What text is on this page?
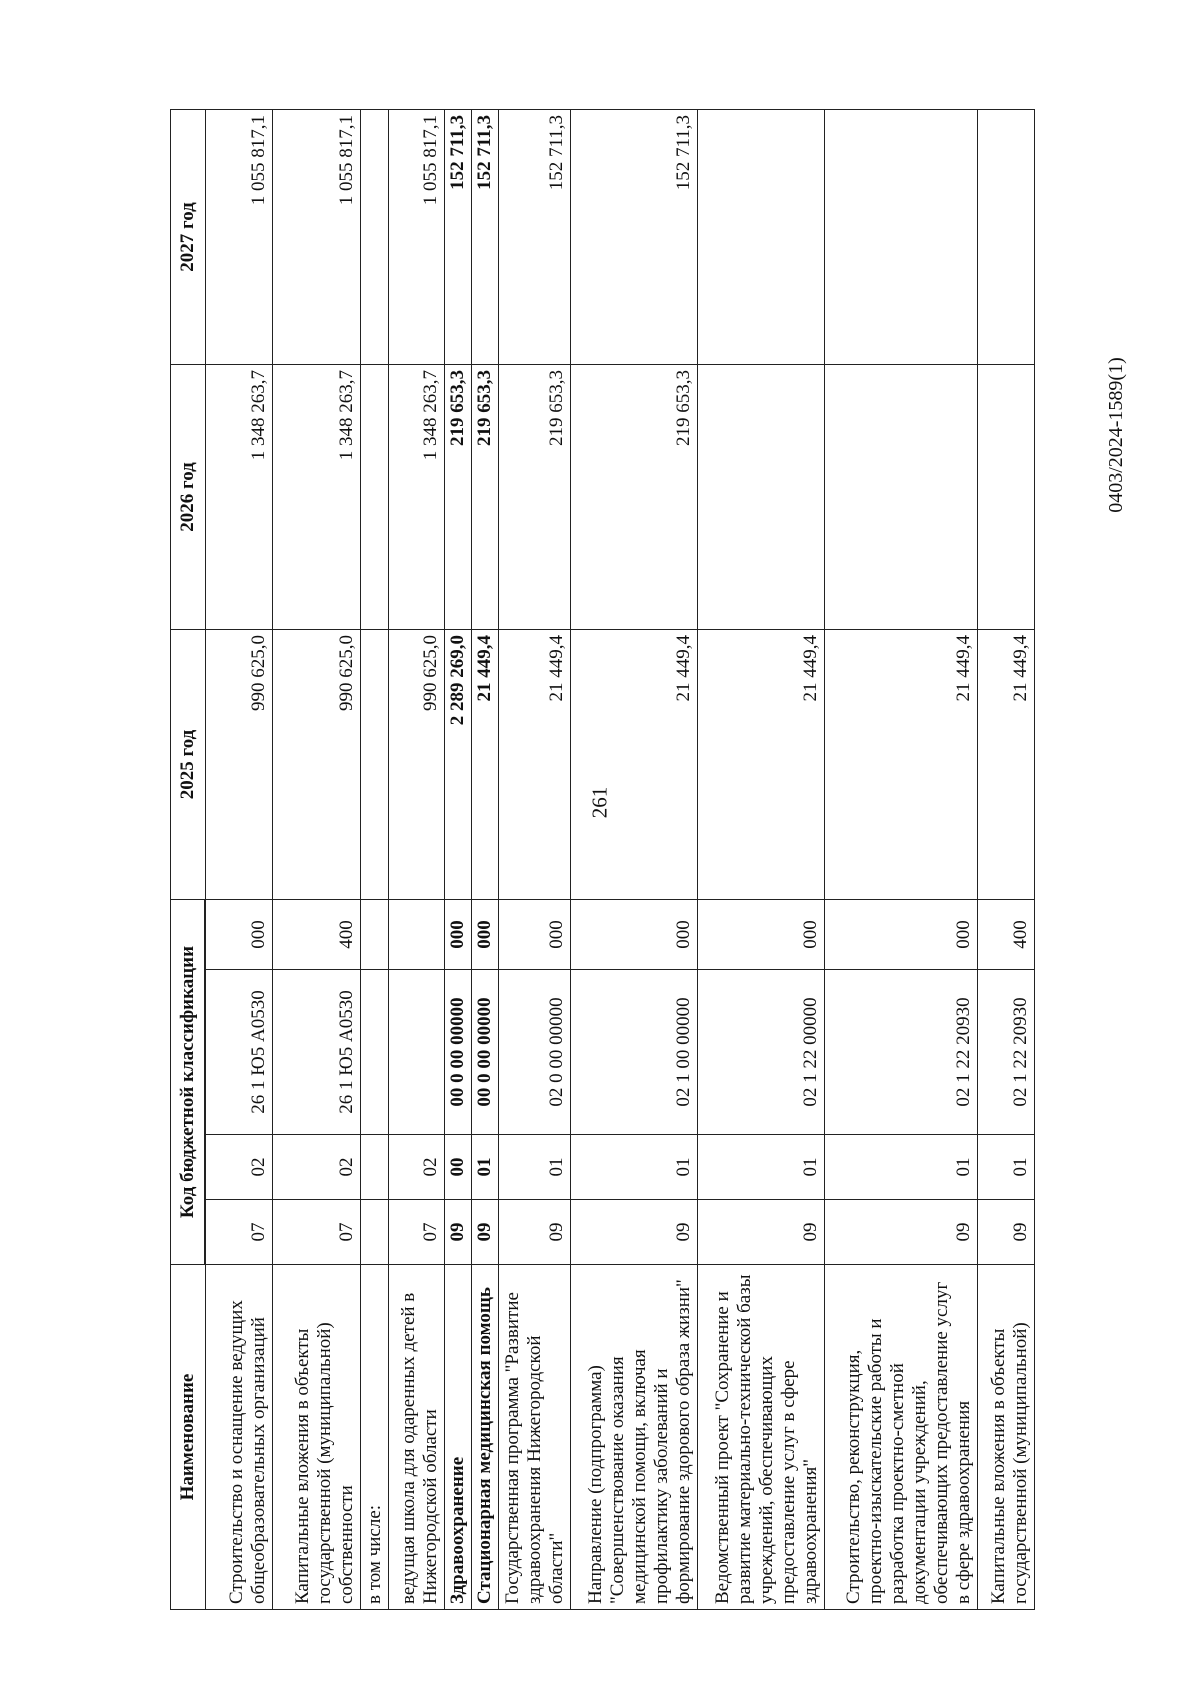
261
Наименование	Код бюджетной классификации				2025 год	2026 год	2027 год

Строительство и оснащение ведущих общеобразовательных организаций	07	02	26 1 Ю5 А0530	000	990 625,0	1 348 263,7	1 055 817,1
Капитальные вложения в объекты государственной (муниципальной) собственности	07	02	26 1 Ю5 А0530	400	990 625,0	1 348 263,7	1 055 817,1
в том числе:							
ведущая школа для одаренных детей в Нижегородской области	07	02			990 625,0	1 348 263,7	1 055 817,1
Здравоохранение	09	00	00 0 00 00000	000	2 289 269,0	219 653,3	152 711,3
Стационарная медицинская помощь	09	01	00 0 00 00000	000	21 449,4	219 653,3	152 711,3
Государственная программа "Развитие здравоохранения Нижегородской области"	09	01	02 0 00 00000	000	21 449,4	219 653,3	152 711,3
Направление (подпрограмма) "Совершенствование оказания медицинской помощи, включая профилактику заболеваний и формирование здорового образа жизни"	09	01	02 1 00 00000	000	21 449,4	219 653,3	152 711,3
Ведомственный проект "Сохранение и развитие материально-технической базы учреждений, обеспечивающих предоставление услуг в сфере здравоохранения"	09	01	02 1 22 00000	000	21 449,4		
Строительство, реконструкция, проектно-изыскательские работы и разработка проектно-сметной документации учреждений, обеспечивающих предоставление услуг в сфере здравоохранения	09	01	02 1 22 20930	000	21 449,4		
Капитальные вложения в объекты государственной (муниципальной)	09	01	02 1 22 20930	400	21 449,4		
0403/2024-1589(1)
